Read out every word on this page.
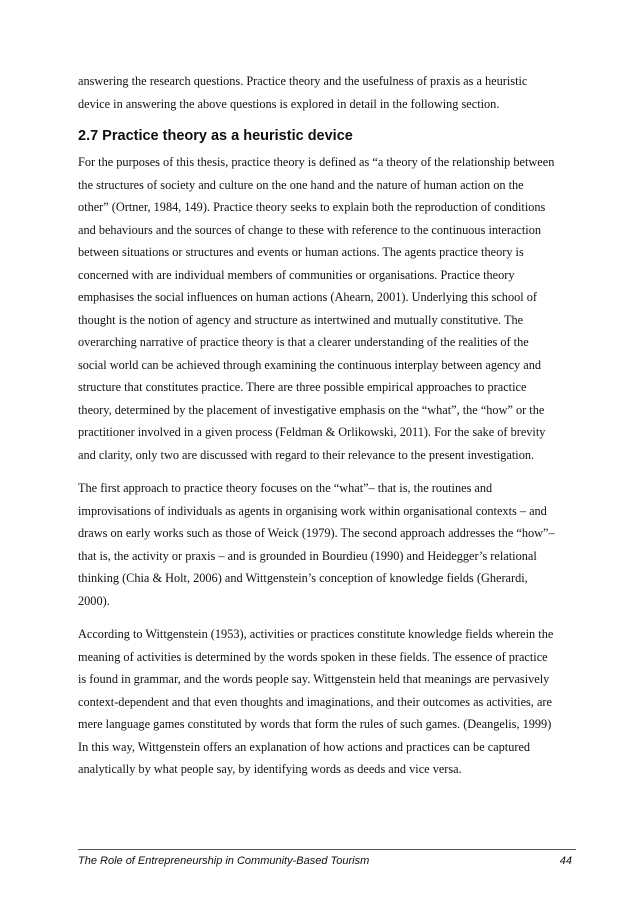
answering the research questions. Practice theory and the usefulness of praxis as a heuristic
device in answering the above questions is explored in detail in the following section.

2.7 Practice theory as a heuristic device

For the purposes of this thesis, practice theory is defined as “a theory of the relationship between
the structures of society and culture on the one hand and the nature of human action on the
other” (Ortner, 1984, 149). Practice theory seeks to explain both the reproduction of conditions
and behaviours and the sources of change to these with reference to the continuous interaction
between situations or structures and events or human actions. The agents practice theory is
concerned with are individual members of communities or organisations. Practice theory
emphasises the social influences on human actions (Ahearn, 2001). Underlying this school of
thought is the notion of agency and structure as intertwined and mutually constitutive. The
overarching narrative of practice theory is that a clearer understanding of the realities of the
social world can be achieved through examining the continuous interplay between agency and
structure that constitutes practice. There are three possible empirical approaches to practice
theory, determined by the placement of investigative emphasis on the “what”, the “how” or the
practitioner involved in a given process (Feldman & Orlikowski, 2011). For the sake of brevity
and clarity, only two are discussed with regard to their relevance to the present investigation.

The first approach to practice theory focuses on the “what”– that is, the routines and
improvisations of individuals as agents in organising work within organisational contexts – and
draws on early works such as those of Weick (1979). The second approach addresses the “how”–
that is, the activity or praxis – and is grounded in Bourdieu (1990) and Heidegger’s relational
thinking (Chia & Holt, 2006) and Wittgenstein’s conception of knowledge fields (Gherardi,
2000).

According to Wittgenstein (1953), activities or practices constitute knowledge fields wherein the
meaning of activities is determined by the words spoken in these fields. The essence of practice
is found in grammar, and the words people say. Wittgenstein held that meanings are pervasively
context-dependent and that even thoughts and imaginations, and their outcomes as activities, are
mere language games constituted by words that form the rules of such games. (Deangelis, 1999)
In this way, Wittgenstein offers an explanation of how actions and practices can be captured
analytically by what people say, by identifying words as deeds and vice versa.

The Role of Entrepreneurship in Community-Based Tourism	44
